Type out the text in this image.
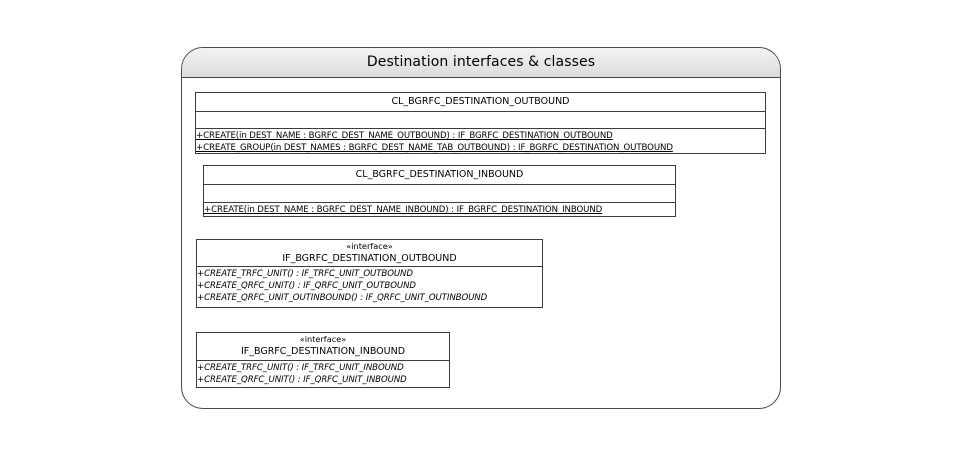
Destination interfaces & classes
CL_BGRFC_DESTINATION_OUTBOUND
+CREATE(in DEST_NAME : BGRFC_DEST_NAME_OUTBOUND) : IF_BGRFC_DESTINATION_OUTBOUND
+CREATE_GROUP(in DEST_NAMES : BGRFC_DEST_NAME_TAB_OUTBOUND) : IF_BGRFC_DESTINATION_OUTBOUND
CL_BGRFC_DESTINATION_INBOUND
+CREATE(in DEST_NAME : BGRFC_DEST_NAME_INBOUND) : IF_BGRFC_DESTINATION_INBOUND
«interface»
IF_BGRFC_DESTINATION_OUTBOUND
+CREATE_TRFC_UNIT() : IF_TRFC_UNIT_OUTBOUND
+CREATE_QRFC_UNIT() : IF_QRFC_UNIT_OUTBOUND
+CREATE_QRFC_UNIT_OUTINBOUND() : IF_QRFC_UNIT_OUTINBOUND
«interface»
IF_BGRFC_DESTINATION_INBOUND
+CREATE_TRFC_UNIT() : IF_TRFC_UNIT_INBOUND
+CREATE_QRFC_UNIT() : IF_QRFC_UNIT_INBOUND
